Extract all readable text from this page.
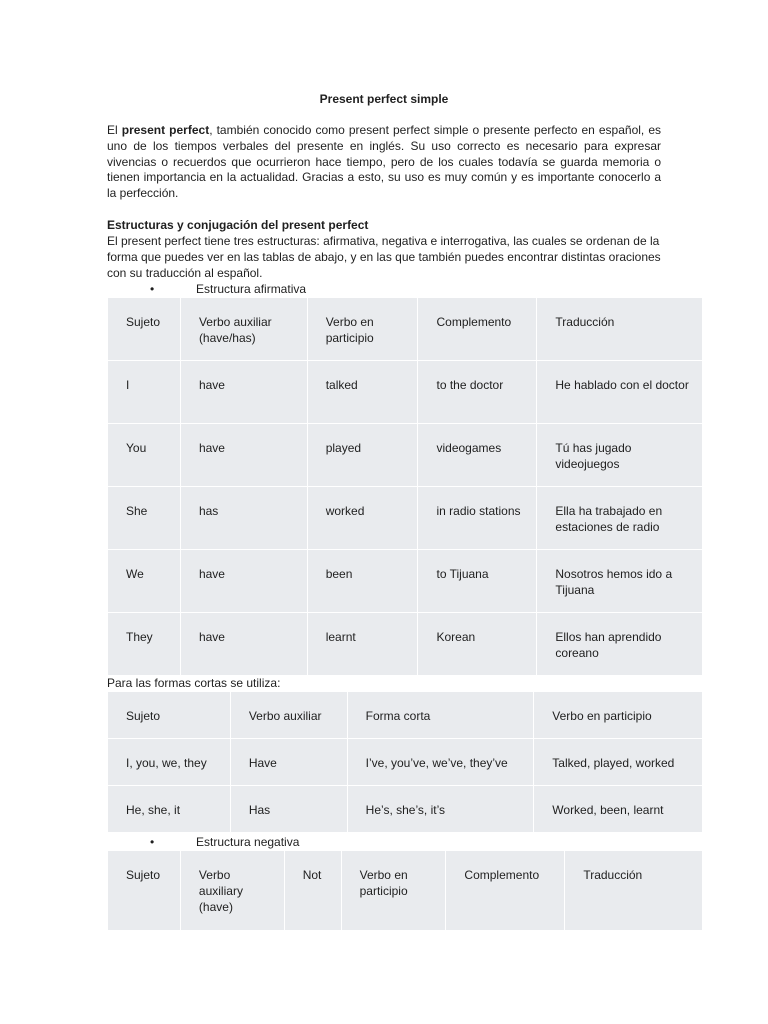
Present perfect simple
El present perfect, también conocido como present perfect simple o presente perfecto en español, es uno de los tiempos verbales del presente en inglés. Su uso correcto es necesario para expresar vivencias o recuerdos que ocurrieron hace tiempo, pero de los cuales todavía se guarda memoria o tienen importancia en la actualidad. Gracias a esto, su uso es muy común y es importante conocerlo a la perfección.
Estructuras y conjugación del present perfect
El present perfect tiene tres estructuras: afirmativa, negativa e interrogativa, las cuales se ordenan de la forma que puedes ver en las tablas de abajo, y en las que también puedes encontrar distintas oraciones con su traducción al español.
•	Estructura afirmativa
Sujeto	Verbo auxiliar (have/has)	Verbo en participio	Complemento	Traducción
I	have	talked	to the doctor	He hablado con el doctor
You	have	played	videogames	Tú has jugado videojuegos
She	has	worked	in radio stations	Ella ha trabajado en estaciones de radio
We	have	been	to Tijuana	Nosotros hemos ido a Tijuana
They	have	learnt	Korean	Ellos han aprendido coreano
Para las formas cortas se utiliza:
Sujeto	Verbo auxiliar	Forma corta	Verbo en participio
I, you, we, they	Have	I’ve, you’ve, we’ve, they’ve	Talked, played, worked
He, she, it	Has	He’s, she’s, it’s	Worked, been, learnt
•	Estructura negativa
Sujeto	Verbo auxiliary (have)	Not	Verbo en participio	Complemento	Traducción
